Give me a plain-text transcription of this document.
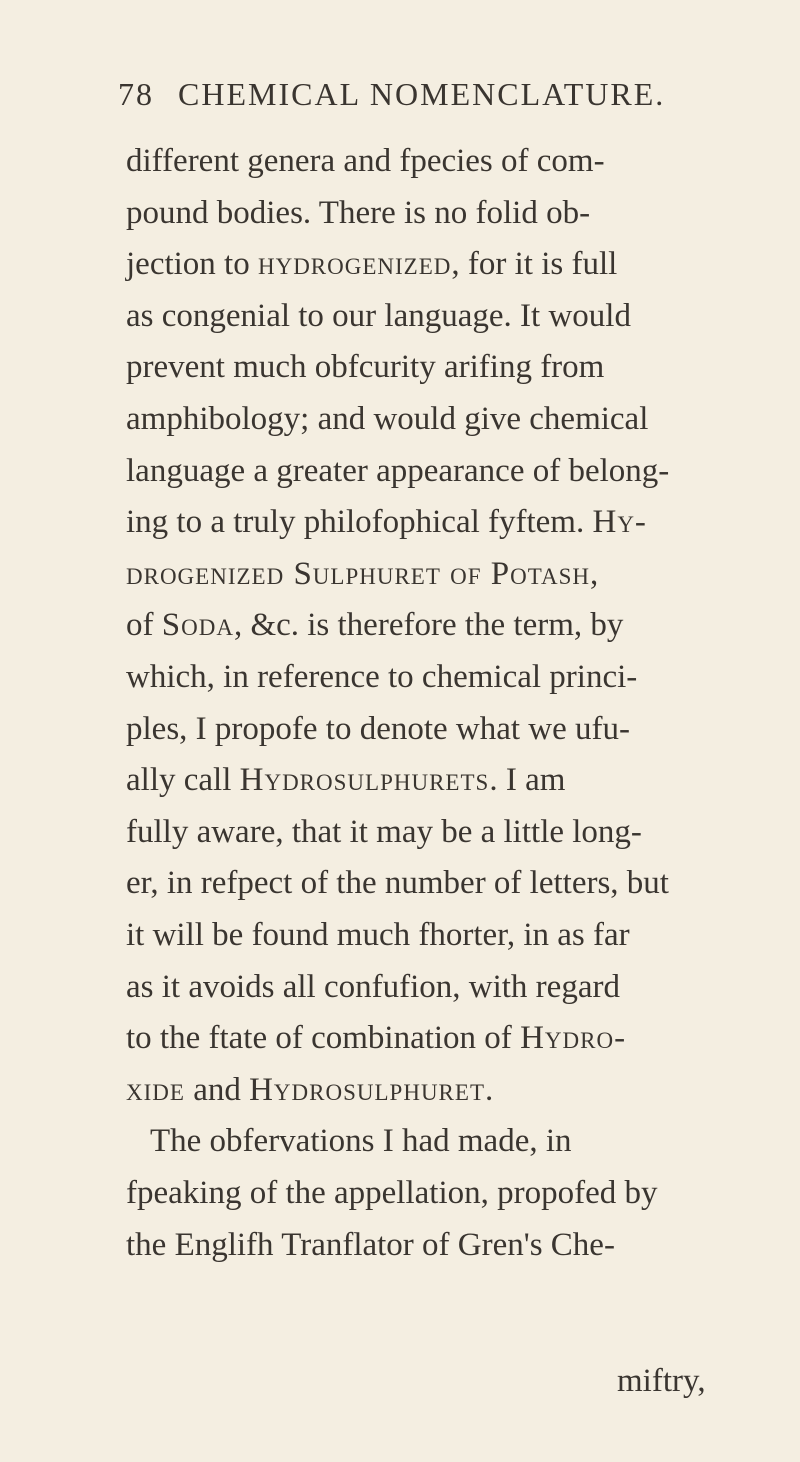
78 CHEMICAL NOMENCLATURE.
different genera and fpecies of com-
pound bodies. There is no folid ob-
jection to hydrogenized, for it is full
as congenial to our language. It would
prevent much obfcurity arifing from
amphibology; and would give chemical
language a greater appearance of belong-
ing to a truly philofophical fyftem. Hy-
drogenized Sulphuret of Potash,
of Soda, &c. is therefore the term, by
which, in reference to chemical princi-
ples, I propofe to denote what we ufu-
ally call Hydrosulphurets. I am
fully aware, that it may be a little long-
er, in refpect of the number of letters, but
it will be found much fhorter, in as far
as it avoids all confufion, with regard
to the ftate of combination of Hydro-
xide and Hydrosulphuret.
The obfervations I had made, in
fpeaking of the appellation, propofed by
the Englifh Tranflator of Gren's Che-
miftry,
